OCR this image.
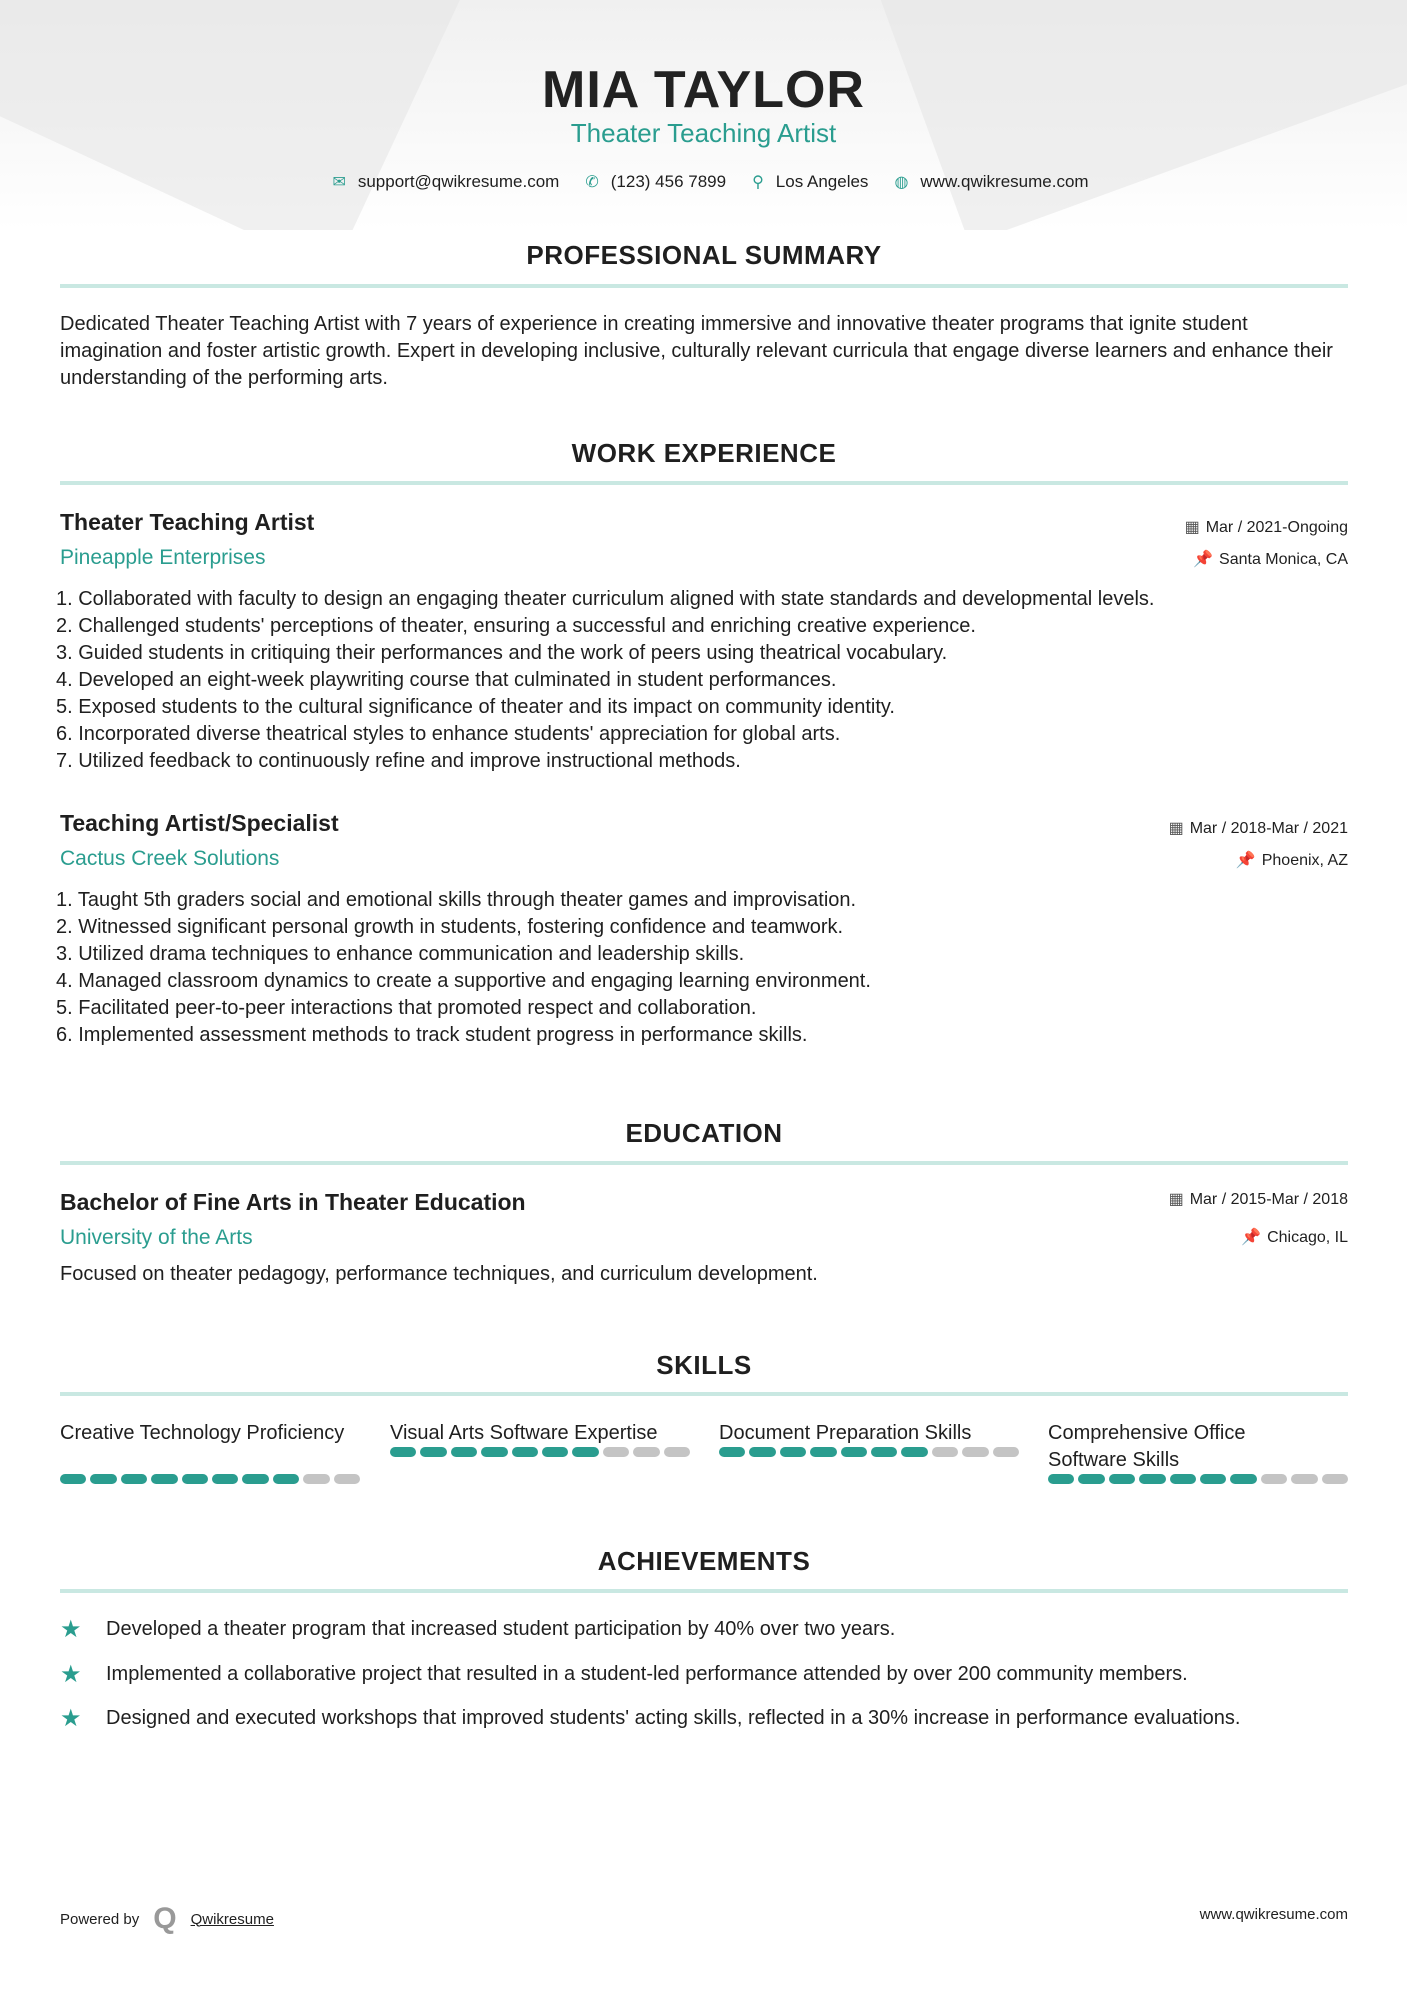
MIA TAYLOR
Theater Teaching Artist
✉ support@qwikresume.com ✆ (123) 456 7899 ⚲ Los Angeles ◍ www.qwikresume.com
PROFESSIONAL SUMMARY
Dedicated Theater Teaching Artist with 7 years of experience in creating immersive and innovative theater programs that ignite student imagination and foster artistic growth. Expert in developing inclusive, culturally relevant curricula that engage diverse learners and enhance their understanding of the performing arts.
WORK EXPERIENCE
Theater Teaching Artist
Pineapple Enterprises
▦ Mar / 2021-Ongoing
📌 Santa Monica, CA
1. Collaborated with faculty to design an engaging theater curriculum aligned with state standards and developmental levels.
2. Challenged students' perceptions of theater, ensuring a successful and enriching creative experience.
3. Guided students in critiquing their performances and the work of peers using theatrical vocabulary.
4. Developed an eight-week playwriting course that culminated in student performances.
5. Exposed students to the cultural significance of theater and its impact on community identity.
6. Incorporated diverse theatrical styles to enhance students' appreciation for global arts.
7. Utilized feedback to continuously refine and improve instructional methods.
Teaching Artist/Specialist
Cactus Creek Solutions
▦ Mar / 2018-Mar / 2021
📌 Phoenix, AZ
1. Taught 5th graders social and emotional skills through theater games and improvisation.
2. Witnessed significant personal growth in students, fostering confidence and teamwork.
3. Utilized drama techniques to enhance communication and leadership skills.
4. Managed classroom dynamics to create a supportive and engaging learning environment.
5. Facilitated peer-to-peer interactions that promoted respect and collaboration.
6. Implemented assessment methods to track student progress in performance skills.
EDUCATION
Bachelor of Fine Arts in Theater Education
University of the Arts
▦ Mar / 2015-Mar / 2018
📌 Chicago, IL
Focused on theater pedagogy, performance techniques, and curriculum development.
SKILLS
Creative Technology Proficiency	Visual Arts Software Expertise	Document Preparation Skills	Comprehensive Office Software Skills
ACHIEVEMENTS
★	Developed a theater program that increased student participation by 40% over two years.
★	Implemented a collaborative project that resulted in a student-led performance attended by over 200 community members.
★	Designed and executed workshops that improved students' acting skills, reflected in a 30% increase in performance evaluations.
Powered by Q Qwikresume	www.qwikresume.com
